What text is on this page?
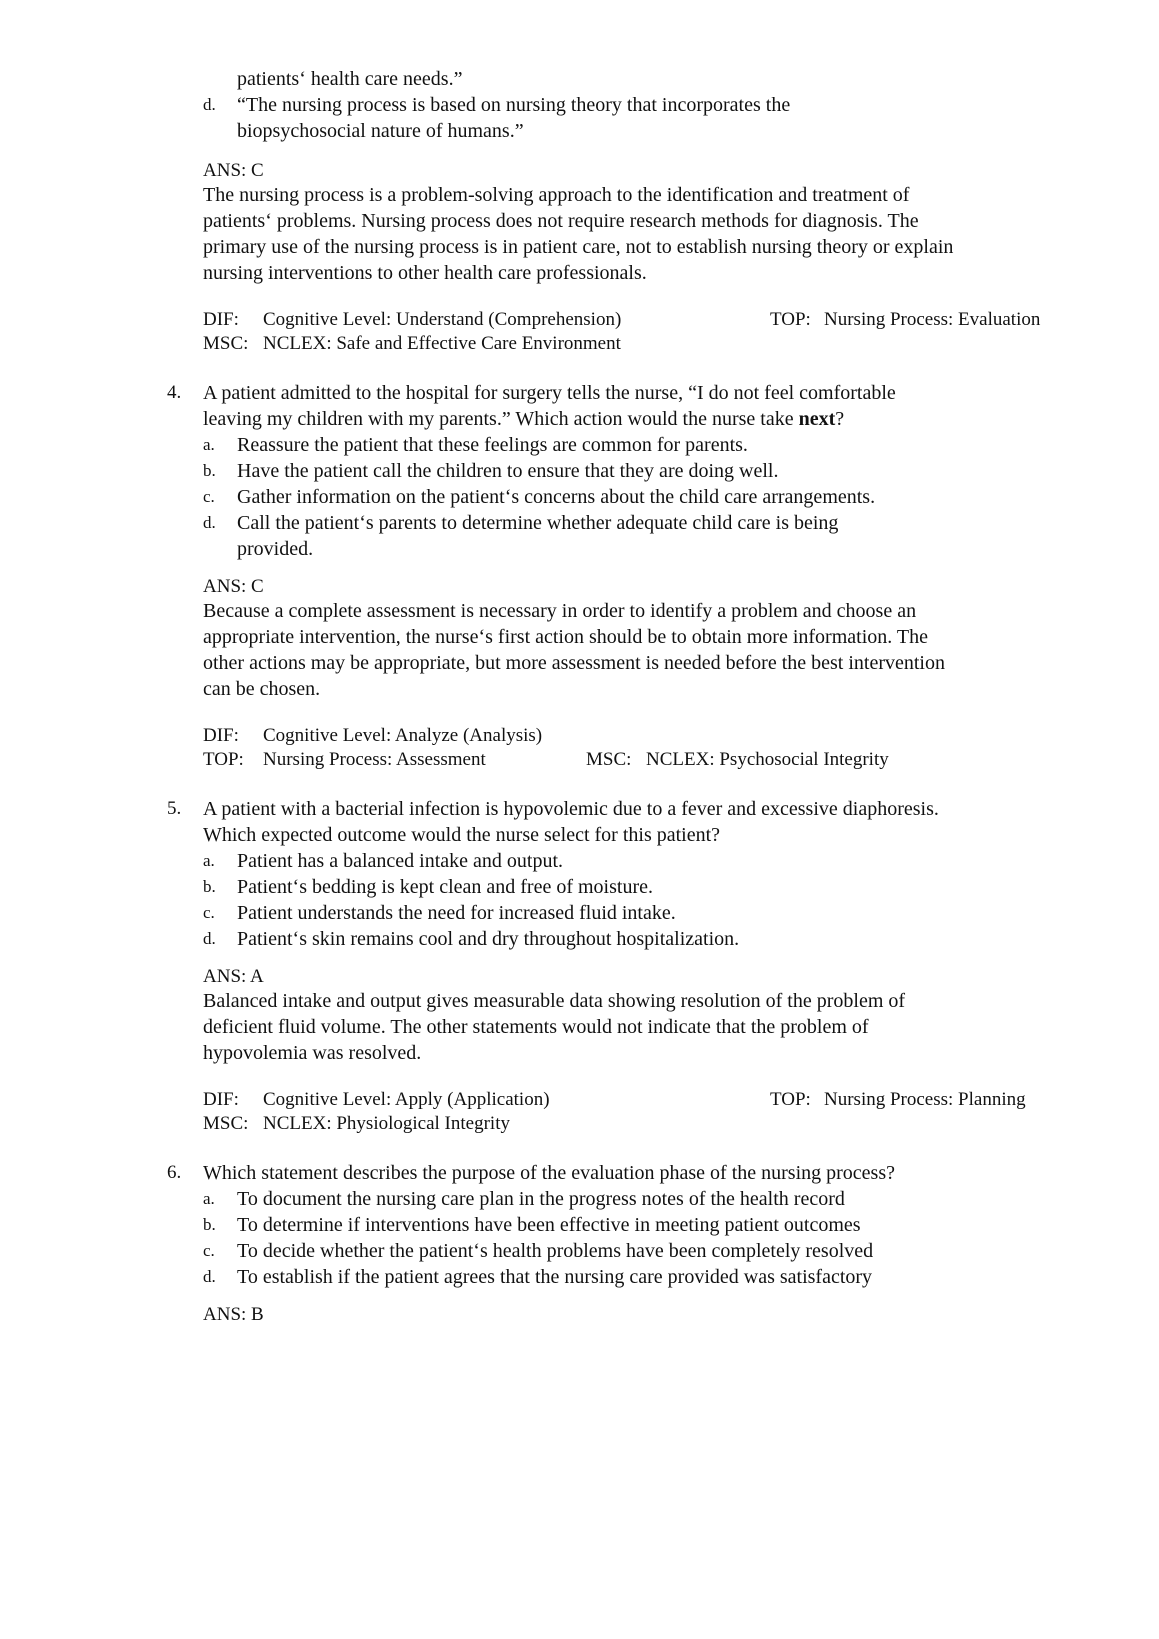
patients‘ health care needs.”
d. “The nursing process is based on nursing theory that incorporates the
biopsychosocial nature of humans.”
ANS: C
The nursing process is a problem-solving approach to the identification and treatment of
patients‘ problems. Nursing process does not require research methods for diagnosis. The
primary use of the nursing process is in patient care, not to establish nursing theory or explain
nursing interventions to other health care professionals.
DIF: Cognitive Level: Understand (Comprehension)	TOP: Nursing Process: Evaluation
MSC: NCLEX: Safe and Effective Care Environment
4. A patient admitted to the hospital for surgery tells the nurse, “I do not feel comfortable
leaving my children with my parents.” Which action would the nurse take next?
a. Reassure the patient that these feelings are common for parents.
b. Have the patient call the children to ensure that they are doing well.
c. Gather information on the patient‘s concerns about the child care arrangements.
d. Call the patient‘s parents to determine whether adequate child care is being
provided.
ANS: C
Because a complete assessment is necessary in order to identify a problem and choose an
appropriate intervention, the nurse‘s first action should be to obtain more information. The
other actions may be appropriate, but more assessment is needed before the best intervention
can be chosen.
DIF: Cognitive Level: Analyze (Analysis)
TOP: Nursing Process: Assessment	MSC: NCLEX: Psychosocial Integrity
5. A patient with a bacterial infection is hypovolemic due to a fever and excessive diaphoresis.
Which expected outcome would the nurse select for this patient?
a. Patient has a balanced intake and output.
b. Patient‘s bedding is kept clean and free of moisture.
c. Patient understands the need for increased fluid intake.
d. Patient‘s skin remains cool and dry throughout hospitalization.
ANS: A
Balanced intake and output gives measurable data showing resolution of the problem of
deficient fluid volume. The other statements would not indicate that the problem of
hypovolemia was resolved.
DIF: Cognitive Level: Apply (Application)	TOP: Nursing Process: Planning
MSC: NCLEX: Physiological Integrity
6. Which statement describes the purpose of the evaluation phase of the nursing process?
a. To document the nursing care plan in the progress notes of the health record
b. To determine if interventions have been effective in meeting patient outcomes
c. To decide whether the patient‘s health problems have been completely resolved
d. To establish if the patient agrees that the nursing care provided was satisfactory
ANS: B
